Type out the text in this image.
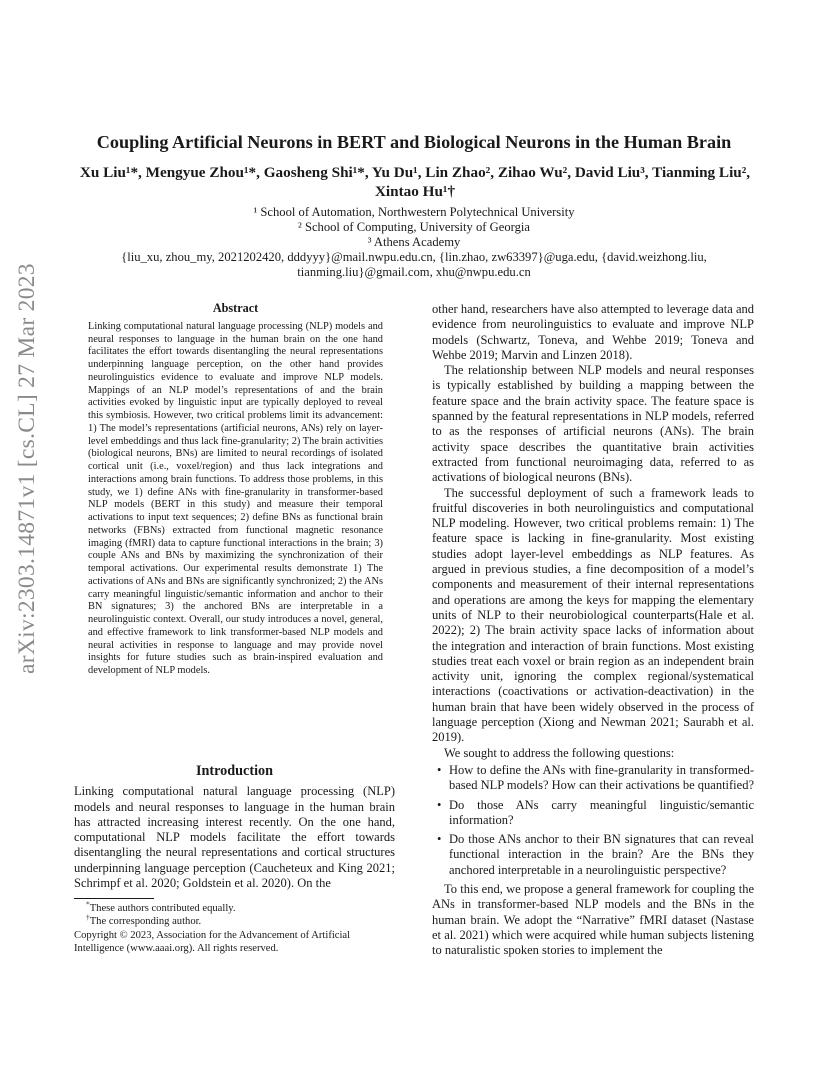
arXiv:2303.14871v1 [cs.CL] 27 Mar 2023
Coupling Artificial Neurons in BERT and Biological Neurons in the Human Brain
Xu Liu¹*, Mengyue Zhou¹*, Gaosheng Shi¹*, Yu Du¹, Lin Zhao², Zihao Wu², David Liu³, Tianming Liu², Xintao Hu¹†
¹ School of Automation, Northwestern Polytechnical University
² School of Computing, University of Georgia
³ Athens Academy
{liu_xu, zhou_my, 2021202420, dddyyy}@mail.nwpu.edu.cn, {lin.zhao, zw63397}@uga.edu, {david.weizhong.liu,
tianming.liu}@gmail.com, xhu@nwpu.edu.cn
Abstract

Linking computational natural language processing (NLP) models and neural responses to language in the human brain on the one hand facilitates the effort towards disentangling the neural representations underpinning language perception, on the other hand provides neurolinguistics evidence to evaluate and improve NLP models. Mappings of an NLP model’s representations of and the brain activities evoked by linguistic input are typically deployed to reveal this symbiosis. However, two critical problems limit its advancement: 1) The model’s representations (artificial neurons, ANs) rely on layer-level embeddings and thus lack fine-granularity; 2) The brain activities (biological neurons, BNs) are limited to neural recordings of isolated cortical unit (i.e., voxel/region) and thus lack integrations and interactions among brain functions. To address those problems, in this study, we 1) define ANs with fine-granularity in transformer-based NLP models (BERT in this study) and measure their temporal activations to input text sequences; 2) define BNs as functional brain networks (FBNs) extracted from functional magnetic resonance imaging (fMRI) data to capture functional interactions in the brain; 3) couple ANs and BNs by maximizing the synchronization of their temporal activations. Our experimental results demonstrate 1) The activations of ANs and BNs are significantly synchronized; 2) the ANs carry meaningful linguistic/semantic information and anchor to their BN signatures; 3) the anchored BNs are interpretable in a neurolinguistic context. Overall, our study introduces a novel, general, and effective framework to link transformer-based NLP models and neural activities in response to language and may provide novel insights for future studies such as brain-inspired evaluation and development of NLP models.

Introduction

Linking computational natural language processing (NLP) models and neural responses to language in the human brain has attracted increasing interest recently. On the one hand, computational NLP models facilitate the effort towards disentangling the neural representations and cortical structures underpinning language perception (Caucheteux and King 2021; Schrimpf et al. 2020; Goldstein et al. 2020). On the

*These authors contributed equally.
†The corresponding author.
Copyright © 2023, Association for the Advancement of Artificial Intelligence (www.aaai.org). All rights reserved.

other hand, researchers have also attempted to leverage data and evidence from neurolinguistics to evaluate and improve NLP models (Schwartz, Toneva, and Wehbe 2019; Toneva and Wehbe 2019; Marvin and Linzen 2018).

The relationship between NLP models and neural responses is typically established by building a mapping between the feature space and the brain activity space. The feature space is spanned by the featural representations in NLP models, referred to as the responses of artificial neurons (ANs). The brain activity space describes the quantitative brain activities extracted from functional neuroimaging data, referred to as activations of biological neurons (BNs).

The successful deployment of such a framework leads to fruitful discoveries in both neurolinguistics and computational NLP modeling. However, two critical problems remain: 1) The feature space is lacking in fine-granularity. Most existing studies adopt layer-level embeddings as NLP features. As argued in previous studies, a fine decomposition of a model’s components and measurement of their internal representations and operations are among the keys for mapping the elementary units of NLP to their neurobiological counterparts(Hale et al. 2022); 2) The brain activity space lacks of information about the integration and interaction of brain functions. Most existing studies treat each voxel or brain region as an independent brain activity unit, ignoring the complex regional/systematical interactions (coactivations or activation-deactivation) in the human brain that have been widely observed in the process of language perception (Xiong and Newman 2021; Saurabh et al. 2019).

We sought to address the following questions:

• How to define the ANs with fine-granularity in transformed-based NLP models? How can their activations be quantified?
• Do those ANs carry meaningful linguistic/semantic information?
• Do those ANs anchor to their BN signatures that can reveal functional interaction in the brain? Are the BNs they anchored interpretable in a neurolinguistic perspective?

To this end, we propose a general framework for coupling the ANs in transformer-based NLP models and the BNs in the human brain. We adopt the “Narrative” fMRI dataset (Nastase et al. 2021) which were acquired while human subjects listening to naturalistic spoken stories to implement the
